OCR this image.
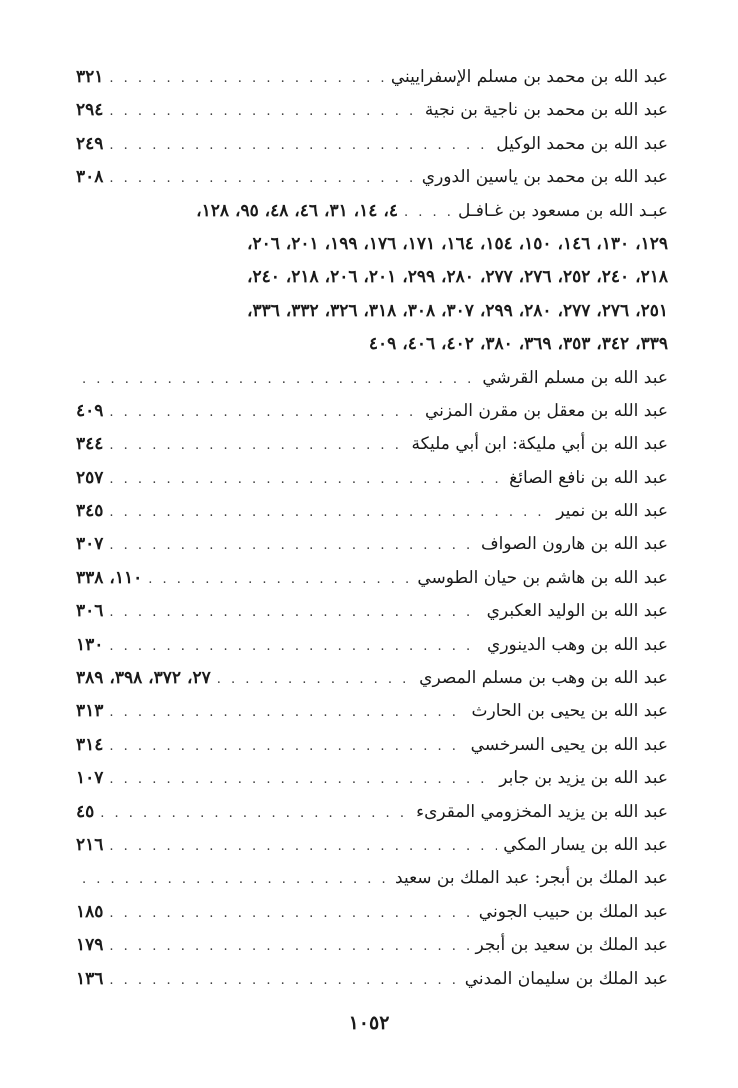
عبد الله بن محمد بن مسلم الإسفراييني
. . .
٣٢١
عبد الله بن محمد بن ناجية بن نجية
. . .
٢٩٤
عبد الله بن محمد الوكيل
. . .
٢٤٩
عبد الله بن محمد بن ياسين الدوري
. . .
٣٠٨
عبـد الله بن مسعود بن غـافـل
. . .
٤، ١٤، ٣١، ٤٦، ٤٨، ٩٥، ١٢٨،
١٢٩، ١٣٠، ١٤٦، ١٥٠، ١٥٤، ١٦٤، ١٧١، ١٧٦، ١٩٩، ٢٠١، ٢٠٦،
٢١٨، ٢٤٠، ٢٥٢، ٢٧٦، ٢٧٧، ٢٨٠، ٢٩٩، ٢٠١، ٢٠٦، ٢١٨، ٢٤٠،
٢٥١، ٢٧٦، ٢٧٧، ٢٨٠، ٢٩٩، ٣٠٧، ٣٠٨، ٣١٨، ٣٢٦، ٣٣٢، ٣٣٦،
٣٣٩، ٣٤٢، ٣٥٣، ٣٦٩، ٣٨٠، ٤٠٢، ٤٠٦، ٤٠٩
عبد الله بن مسلم القرشي
. . .
عبد الله بن معقل بن مقرن المزني
. . .
٤٠٩
عبد الله بن أبي مليكة: ابن أبي مليكة
. . .
٣٤٤
عبد الله بن نافع الصائغ
. . .
٢٥٧
عبد الله بن نمير
. . .
٣٤٥
عبد الله بن هارون الصواف
. . .
٣٠٧
عبد الله بن هاشم بن حيان الطوسي
. . .
١١٠، ٣٣٨
عبد الله بن الوليد العكبري
. . .
٣٠٦
عبد الله بن وهب الدينوري
. . .
١٣٠
عبد الله بن وهب بن مسلم المصري
. . .
٢٧، ٣٧٢، ٣٩٨، ٣٨٩
عبد الله بن يحيى بن الحارث
. . .
٣١٣
عبد الله بن يحيى السرخسي
. . .
٣١٤
عبد الله بن يزيد بن جابر
. . .
١٠٧
عبد الله بن يزيد المخزومي المقرىء
. . .
٤٥
عبد الله بن يسار المكي
. . .
٢١٦
عبد الملك بن أبجر: عبد الملك بن سعيد
. . .
عبد الملك بن حبيب الجوني
. . .
١٨٥
عبد الملك بن سعيد بن أبجر
. . .
١٧٩
عبد الملك بن سليمان المدني
. . .
١٣٦
١٠٥٢
